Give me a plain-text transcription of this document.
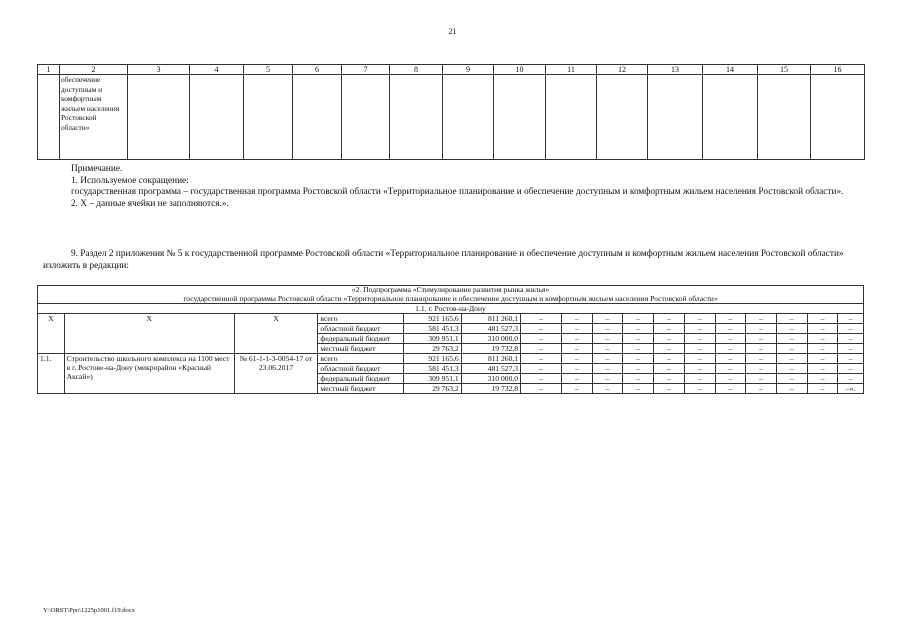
21
1	2	3	4	5	6	7	8	9	10	11	12	13	14	15	16
	обеспечение доступным и комфортным жильем населения Ростовской области»														
Примечание.
1. Используемое сокращение:
государственная программа – государственная программа Ростовской области «Территориальное планирование и обеспечение доступным и комфортным жильем населения Ростовской области».
2. Х – данные ячейки не заполняются.».
9. Раздел 2 приложения № 5 к государственной программе Ростовской области «Территориальное планирование и обеспечение доступным и комфортным жильем населения Ростовской области» изложить в редакции:
«2. Подпрограмма «Стимулирование развития рынка жилья»																
государственной программы Ростовской области «Территориальное планирование и обеспечение доступным и комфортным жильем населения Ростовской области»																
1.1. г. Ростов-на-Дону																
Х	Х	Х	всего	921 165,6	811 260,1	–	–	–	–	–	–	–	–	–	–	–
			областной бюджет	581 451,3	481 527,3	–	–	–	–	–	–	–	–	–	–	–
			федеральный бюджет	309 951,1	310 000,0	–	–	–	–	–	–	–	–	–	–	–
			местный бюджет	29 763,2	19 732,8	–	–	–	–	–	–	–	–	–	–	–
1.1.	Строительство школьного комплекса на 1100 мест в г. Ростове-на-Дону (микрорайон «Красный Аксай»)	№ 61-1-1-3-0054-17 от 23.06.2017	всего	921 165,6	811 260,1	–	–	–	–	–	–	–	–	–	–	–
			областной бюджет	581 451,3	481 527,3	–	–	–	–	–	–	–	–	–	–	–
			федеральный бюджет	309 951,1	310 000,0	–	–	–	–	–	–	–	–	–	–	–
			местный бюджет	29 763,2	19 732,8	–	–	–	–	–	–	–	–	–	–	–».
Y:\ORST\Ppo\1225p1001.f19.docx
